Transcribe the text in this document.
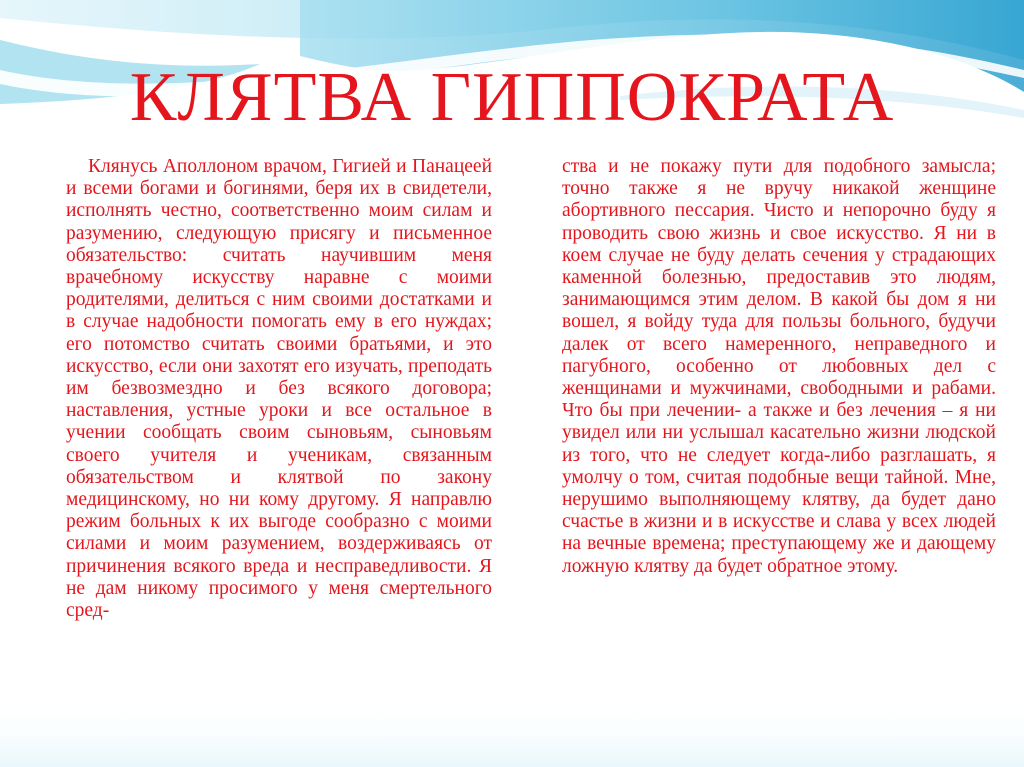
КЛЯТВА ГИППОКРАТА

Клянусь Аполлоном врачом, Гигией и Панацеей и всеми богами и богинями, беря их в свидетели, исполнять честно, соответственно моим силам и разумению, следующую присягу и письменное обязательство: считать научившим меня врачебному искусству наравне с моими родителями, делиться с ним своими достатками и в случае надобности помогать ему в его нуждах; его потомство считать своими братьями, и это искусство, если они захотят его изучать, преподать им безвозмездно и без всякого договора; наставления, устные уроки и все остальное в учении сообщать своим сыновьям, сыновьям своего учителя и ученикам, связанным обязательством и клятвой по закону медицинскому, но ни кому другому. Я направлю режим больных к их выгоде сообразно с моими силами и моим разумением, воздерживаясь от причинения всякого вреда и несправедливости. Я не дам никому просимого у меня смертельного сред-

ства и не покажу пути для подобного замысла; точно также я не вручу никакой женщине абортивного пессария. Чисто и непорочно буду я проводить свою жизнь и свое искусство. Я ни в коем случае не буду делать сечения у страдающих каменной болезнью, предоставив это людям, занимающимся этим делом. В какой бы дом я ни вошел, я войду туда для пользы больного, будучи далек от всего намеренного, неправедного и пагубного, особенно от любовных дел с женщинами и мужчинами, свободными и рабами. Что бы при лечении- а также и без лечения – я ни увидел или ни услышал касательно жизни людской из того, что не следует когда-либо разглашать, я умолчу о том, считая подобные вещи тайной. Мне, нерушимо выполняющему клятву, да будет дано счастье в жизни и в искусстве и слава у всех людей на вечные времена; преступающему же и дающему ложную клятву да будет обратное этому.
